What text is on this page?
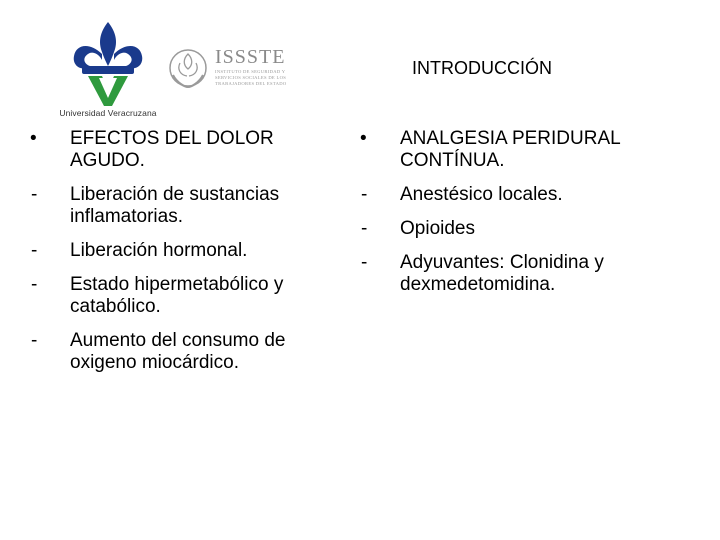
Universidad Veracruzana
ISSSTE
INSTITUTO DE SEGURIDAD Y SERVICIOS SOCIALES DE LOS TRABAJADORES DEL ESTADO
INTRODUCCIÓN
• EFECTOS DEL DOLOR AGUDO.
- Liberación de sustancias inflamatorias.
- Liberación hormonal.
- Estado hipermetabólico y catabólico.
- Aumento del consumo de oxigeno miocárdico.
• ANALGESIA PERIDURAL CONTÍNUA.
- Anestésico locales.
- Opioides
- Adyuvantes: Clonidina y dexmedetomidina.
